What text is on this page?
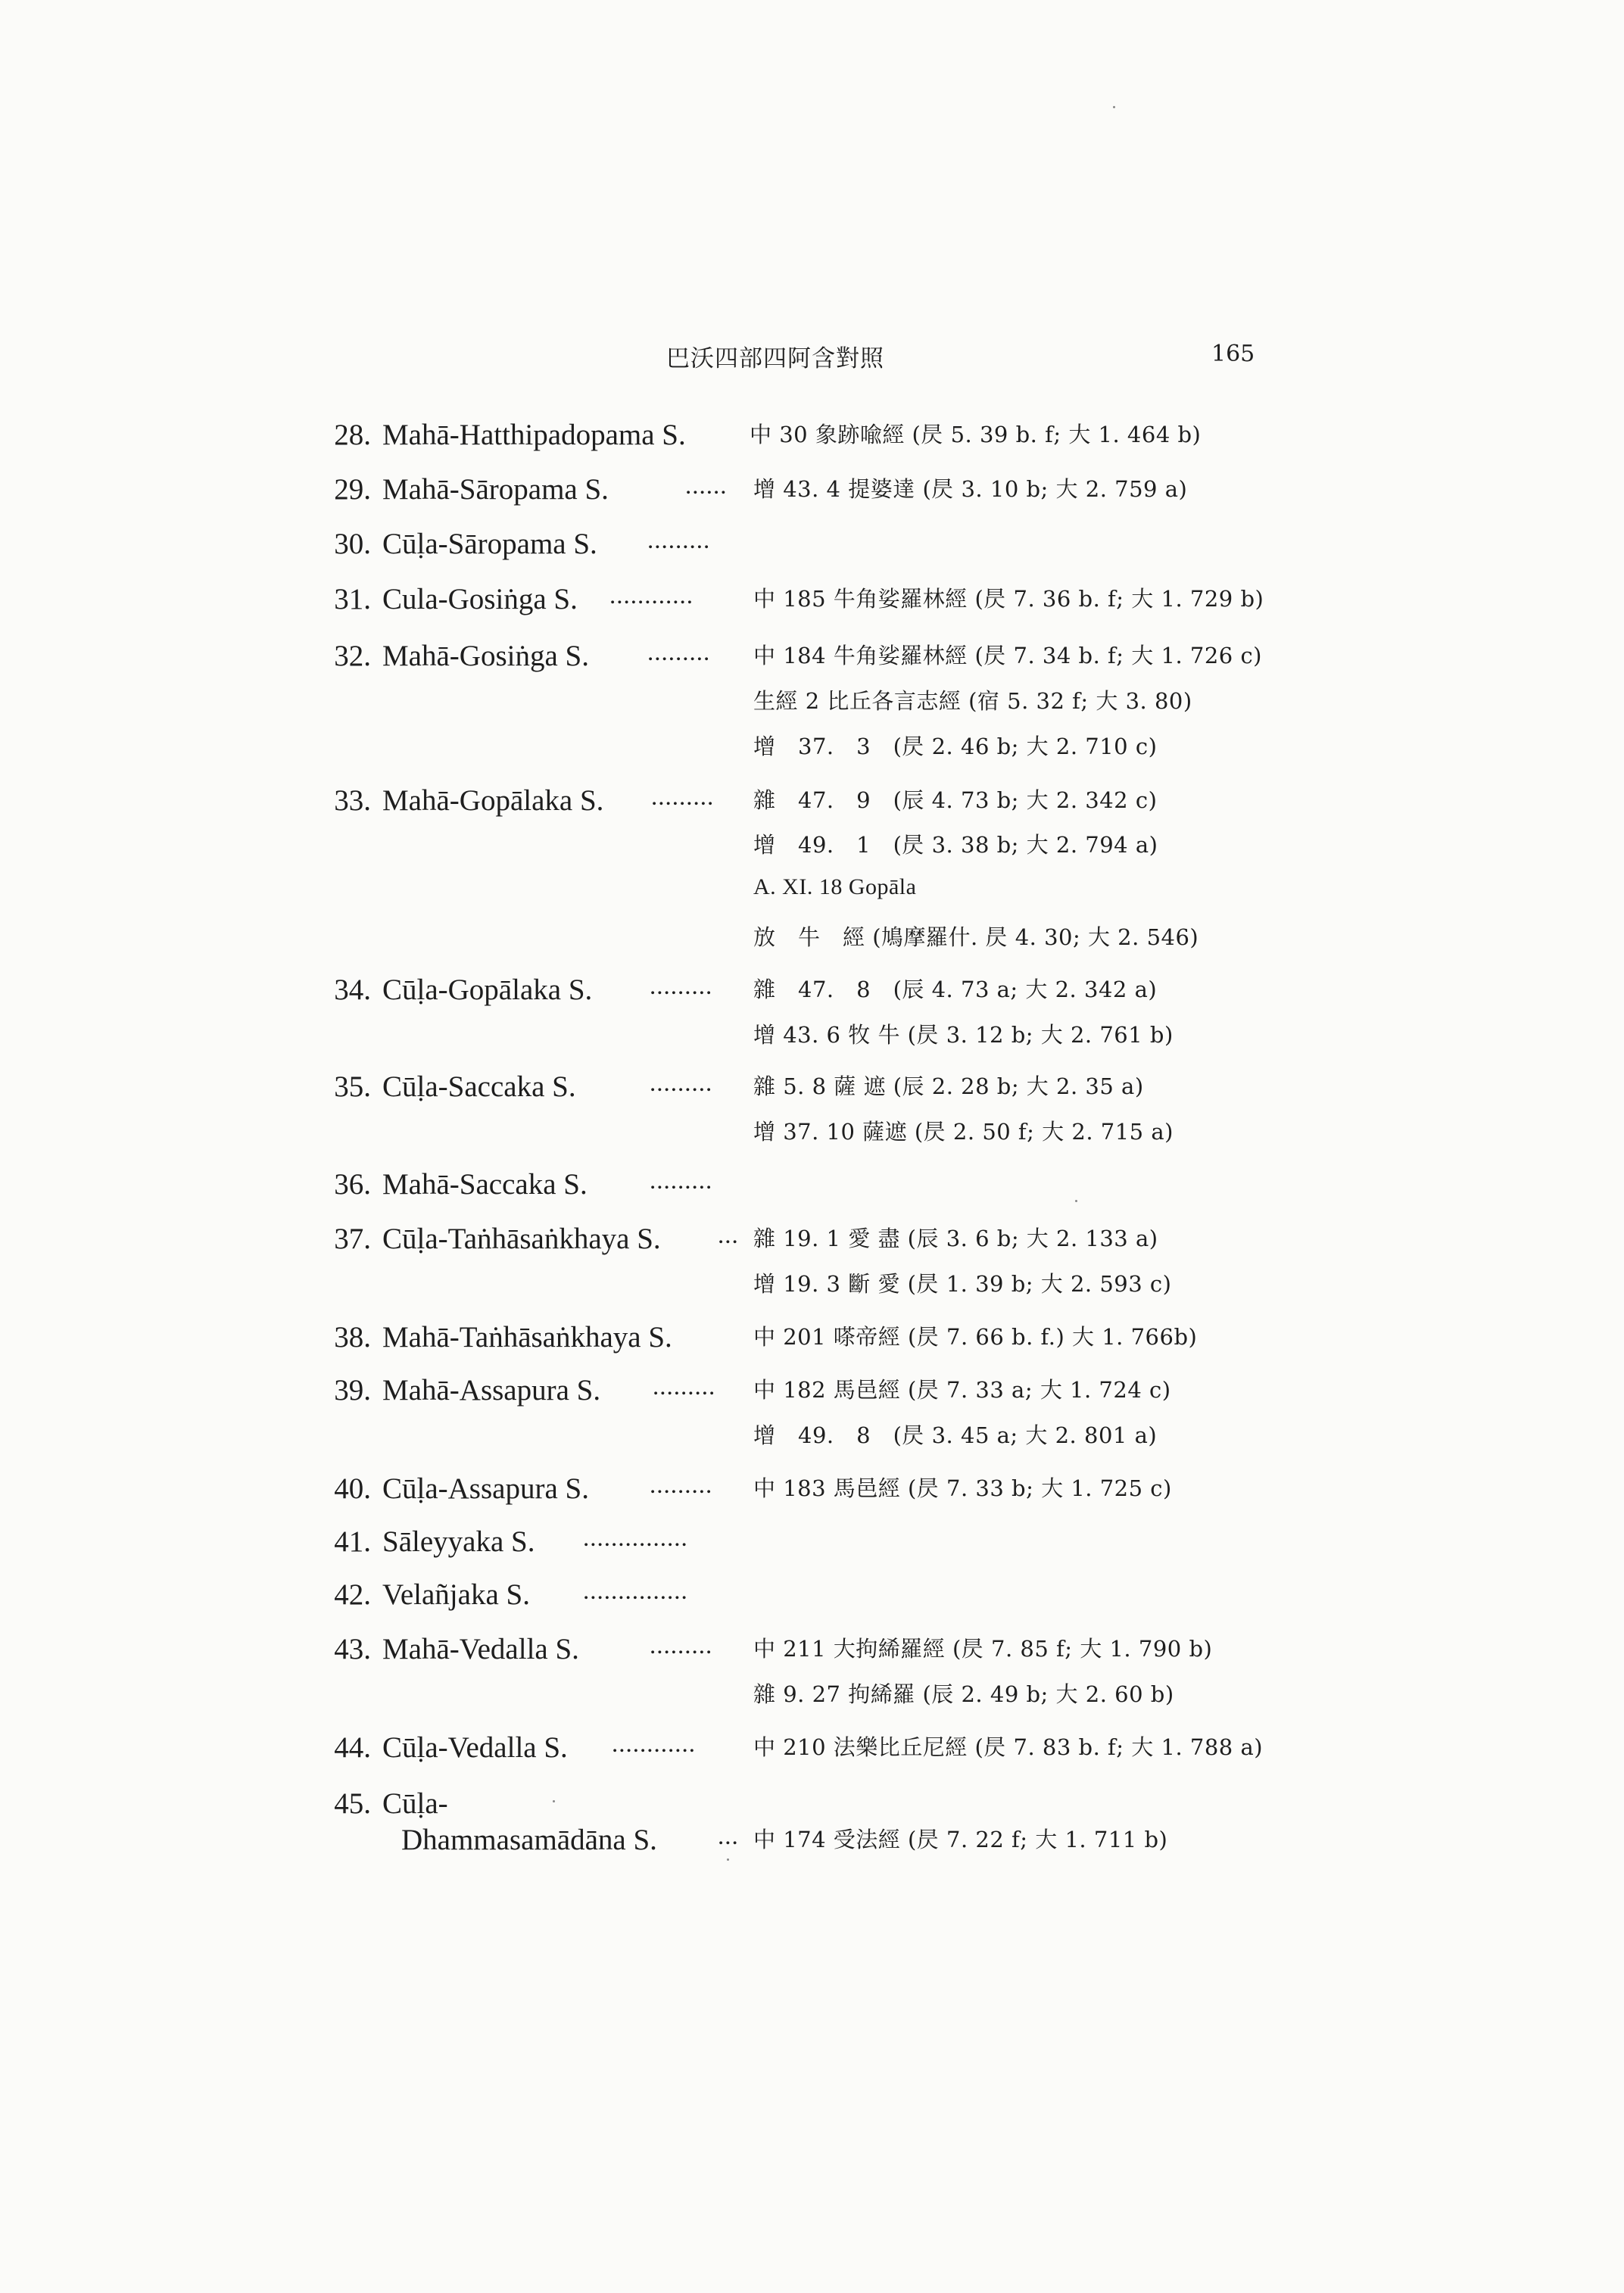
巴沃四部四阿含對照	165
28. Mahā-Hatthipadopama S.	中 30 象跡喩經 (昃 5. 39 b. f; 大 1. 464 b)
29. Mahā-Sāropama S.	...... 增 43. 4 提婆達 (昃 3. 10 b; 大 2. 759 a)
30. Cūḷa-Sāropama S. .........
31. Cula-Gosiṅga S. ............	中 185 牛角娑羅林經 (昃 7. 36 b. f; 大 1. 729 b)
32. Mahā-Gosiṅga S. ......... 中 184 牛角娑羅林經 (昃 7. 34 b. f; 大 1. 726 c)
生經 2 比丘各言志經 (宿 5. 32 f; 大 3. 80)
增　37.　3　(昃 2. 46 b; 大 2. 710 c)
33. Mahā-Gopālaka S. ......... 雜　47.　9　(辰 4. 73 b; 大 2. 342 c)
增　49.　1　(昃 3. 38 b; 大 2. 794 a)
A. XI. 18 Gopāla
放　牛　經 (鳩摩羅什. 昃 4. 30; 大 2. 546)
34. Cūḷa-Gopālaka S. ......... 雜　47.　8　(辰 4. 73 a; 大 2. 342 a)
增 43. 6 牧 牛 (昃 3. 12 b; 大 2. 761 b)
35. Cūḷa-Saccaka S.	......... 雜 5. 8 薩 遮 (辰 2. 28 b; 大 2. 35 a)
增 37. 10 薩遮 (昃 2. 50 f; 大 2. 715 a)
36. Mahā-Saccaka S. .........
37. Cūḷa-Taṅhāsaṅkhaya S. ... 雜 19. 1 愛 盡 (辰 3. 6 b; 大 2. 133 a)
增 19. 3 斷 愛 (昃 1. 39 b; 大 2. 593 c)
38. Mahā-Taṅhāsaṅkhaya S.	中 201 嗏帝經 (昃 7. 66 b. f.) 大 1. 766b)
39. Mahā-Assapura S. ......... 中 182 馬邑經 (昃 7. 33 a; 大 1. 724 c)
增　49.　8　(昃 3. 45 a; 大 2. 801 a)
40. Cūḷa-Assapura S. ......... 中 183 馬邑經 (昃 7. 33 b; 大 1. 725 c)
41. Sāleyyaka S. ...............
42. Velañjaka S. ...............
43. Mahā-Vedalla S.	......... 中 211 大拘絺羅經 (昃 7. 85 f; 大 1. 790 b)
雜 9. 27 拘絺羅 (辰 2. 49 b; 大 2. 60 b)
44. Cūḷa-Vedalla S. ............	中 210 法樂比丘尼經 (昃 7. 83 b. f; 大 1. 788 a)
45. Cūḷa-
Dhammasamādāna S. ... 中 174 受法經 (昃 7. 22 f; 大 1. 711 b)
